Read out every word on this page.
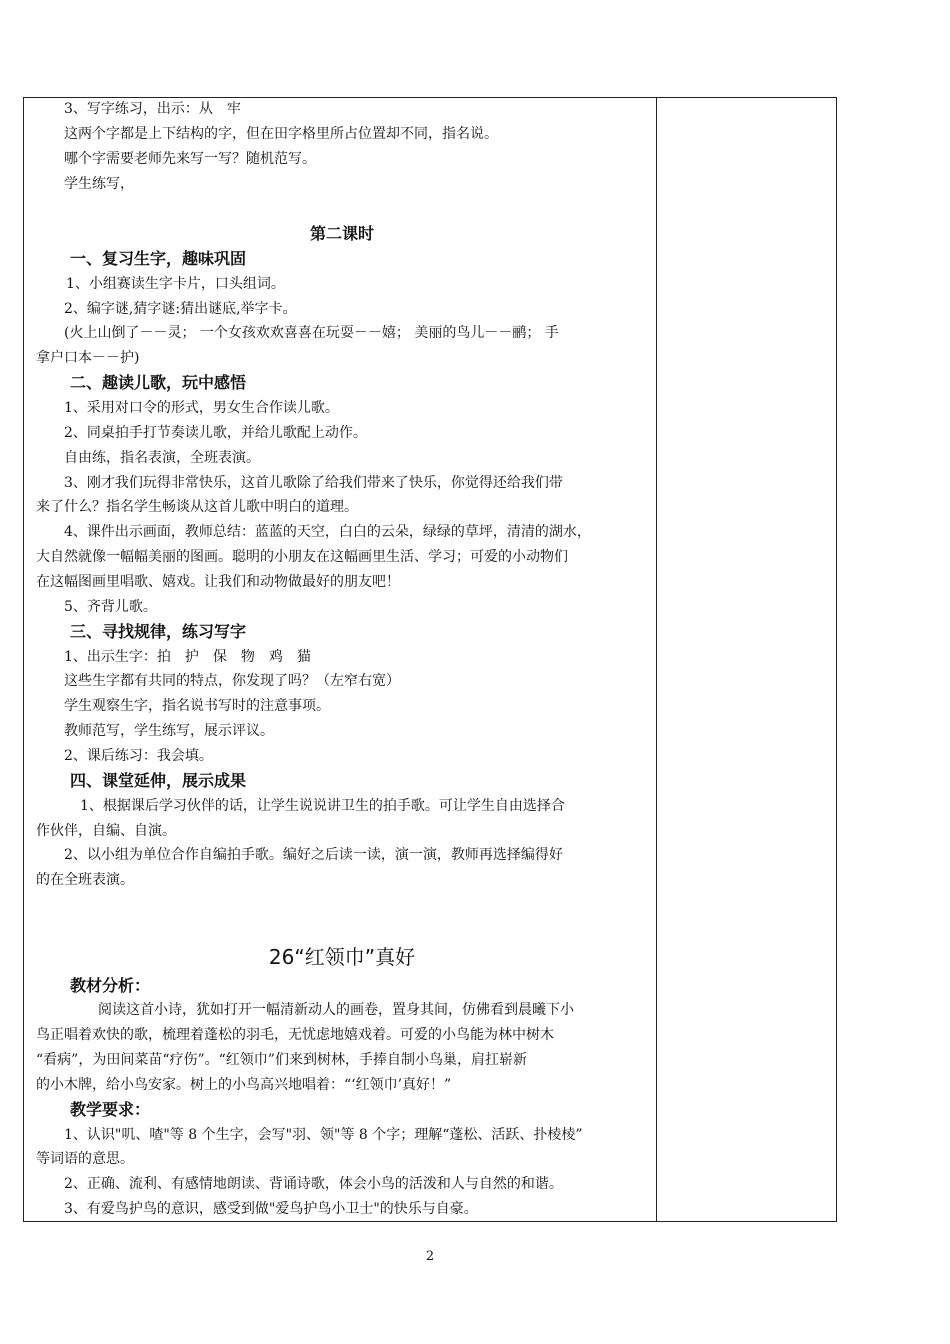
3、写字练习，出示：从　牢
这两个字都是上下结构的字，但在田字格里所占位置却不同，指名说。
哪个字需要老师先来写一写？随机范写。
学生练写，
第二课时
一、复习生字，趣味巩固
1、小组赛读生字卡片，口头组词。
2、编字谜,猜字谜:猜出谜底,举字卡。
(火上山倒了－－灵； 一个女孩欢欢喜喜在玩耍－－嬉； 美丽的鸟儿－－鹂； 手
拿户口本－－护)
二、趣读儿歌，玩中感悟
1、采用对口令的形式，男女生合作读儿歌。
2、同桌拍手打节奏读儿歌，并给儿歌配上动作。
自由练，指名表演，全班表演。
3、刚才我们玩得非常快乐，这首儿歌除了给我们带来了快乐，你觉得还给我们带
来了什么？指名学生畅谈从这首儿歌中明白的道理。
4、课件出示画面，教师总结：蓝蓝的天空，白白的云朵，绿绿的草坪，清清的湖水，
大自然就像一幅幅美丽的图画。聪明的小朋友在这幅画里生活、学习；可爱的小动物们
在这幅图画里唱歌、嬉戏。让我们和动物做最好的朋友吧！
5、齐背儿歌。
三、寻找规律，练习写字
1、出示生字：拍　护　保　物　鸡　猫
这些生字都有共同的特点，你发现了吗？（左窄右宽）
学生观察生字，指名说书写时的注意事项。
教师范写，学生练写，展示评议。
2、课后练习：我会填。
四、课堂延伸，展示成果
1、根据课后学习伙伴的话，让学生说说讲卫生的拍手歌。可让学生自由选择合
作伙伴，自编、自演。
2、以小组为单位合作自编拍手歌。编好之后读一读，演一演，教师再选择编得好
的在全班表演。
26“红领巾”真好
教材分析：
阅读这首小诗，犹如打开一幅清新动人的画卷，置身其间，仿佛看到晨曦下小
鸟正唱着欢快的歌，梳理着蓬松的羽毛，无忧虑地嬉戏着。可爱的小鸟能为林中树木
“看病”，为田间菜苗“疗伤”。“红领巾”们来到树林，手捧自制小鸟巢，肩扛崭新
的小木牌，给小鸟安家。树上的小鸟高兴地唱着：“‘红领巾’真好！”
教学要求：
1、认识"叽、喳"等 8 个生字，会写"羽、领"等 8 个字；理解“蓬松、活跃、扑棱棱”
等词语的意思。
2、正确、流利、有感情地朗读、背诵诗歌，体会小鸟的活泼和人与自然的和谐。
3、有爱鸟护鸟的意识，感受到做"爱鸟护鸟小卫士"的快乐与自豪。
2
